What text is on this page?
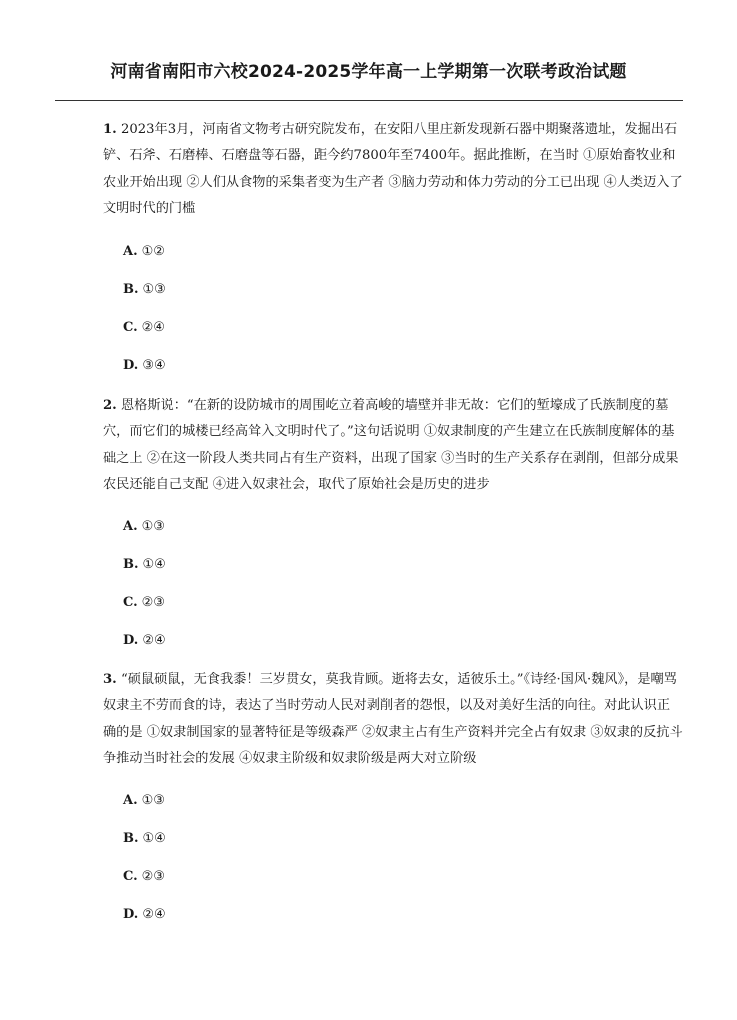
河南省南阳市六校2024-2025学年高一上学期第一次联考政治试题
1. 2023年3月，河南省文物考古研究院发布，在安阳八里庄新发现新石器中期聚落遗址，发掘出石铲、石斧、石磨棒、石磨盘等石器，距今约7800年至7400年。据此推断，在当时 ①原始畜牧业和农业开始出现 ②人们从食物的采集者变为生产者 ③脑力劳动和体力劳动的分工已出现 ④人类迈入了文明时代的门槛
A. ①②
B. ①③
C. ②④
D. ③④
2. 恩格斯说：“在新的设防城市的周围屹立着高峻的墙壁并非无故：它们的堑壕成了氏族制度的墓穴，而它们的城楼已经高耸入文明时代了。”这句话说明 ①奴隶制度的产生建立在氏族制度解体的基础之上 ②在这一阶段人类共同占有生产资料，出现了国家 ③当时的生产关系存在剥削，但部分成果农民还能自己支配 ④进入奴隶社会，取代了原始社会是历史的进步
A. ①③
B. ①④
C. ②③
D. ②④
3. “硕鼠硕鼠，无食我黍！三岁贯女，莫我肯顾。逝将去女，适彼乐土。”《诗经·国风·魏风》，是嘲骂奴隶主不劳而食的诗，表达了当时劳动人民对剥削者的怨恨，以及对美好生活的向往。对此认识正确的是 ①奴隶制国家的显著特征是等级森严 ②奴隶主占有生产资料并完全占有奴隶 ③奴隶的反抗斗争推动当时社会的发展 ④奴隶主阶级和奴隶阶级是两大对立阶级
A. ①③
B. ①④
C. ②③
D. ②④
